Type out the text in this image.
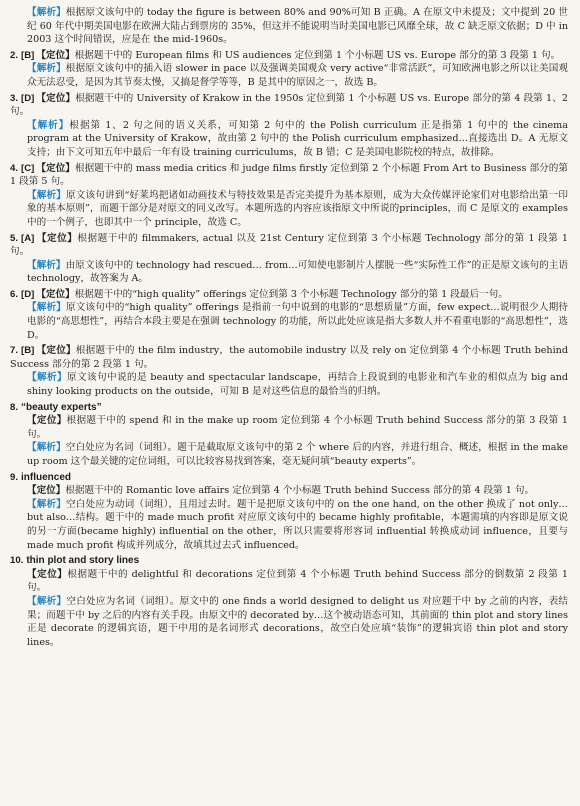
【解析】根据原文该句中的 today the figure is between 80% and 90%可知 B 正确。A 在原文中未提及；文中提到 20 世纪 60 年代中期美国电影在欧洲大陆占到票房的 35%，但这并不能说明当时美国电影已风靡全球，故 C 缺乏原文依据；D 中 in 2003 这个时间错误，应是在 the mid-1960s。

2. [B] 【定位】根据题干中的 European films 和 US audiences 定位到第 1 个小标题 US vs. Europe 部分的第 3 段第 1 句。

【解析】根据原文该句中的插入语 slower in pace 以及强调美国观众 very active“非常活跃”，可知欧洲电影之所以让美国观众无法忍受，是因为其节奏太慢，又搞是督学等等，B 是其中的原因之一，故选 B。

3. [D] 【定位】根据题干中的 University of Krakow in the 1950s 定位到第 1 个小标题 US vs. Europe 部分的第 4 段第 1、2 句。

【解析】根据第 1、2 句之间的语义关系，可知第 2 句中的 the Polish curriculum 正是指第 1 句中的 the cinema program at the University of Krakow，故由第 2 句中的 the Polish curriculum emphasized…直接选出 D。A 无原文支持；由下文可知五年中最后一年有设 training curriculums，故 B 错；C 是美国电影院校的特点，故排除。

4. [C] 【定位】根据题干中的 mass media critics 和 judge films firstly 定位到第 2 个小标题 From Art to Business 部分的第 1 段第 5 句。

【解析】原文该句讲到“好莱坞把诸如动画技术与特技效果是否完美提升为基本原则，成为大众传媒评论家们对电影给出第一印象的基本原则”，而题干部分是对原文的同义改写。本题所选的内容应该指原文中所说的principles，而 C 是原文的 examples 中的一个例子，也即其中一个 principle，故选 C。

5. [A] 【定位】根据题干中的 filmmakers, actual 以及 21st Century 定位到第 3 个小标题 Technology 部分的第 1 段第 1 句。

【解析】由原文该句中的 technology had rescued… from…可知使电影制片人摆脱一些“实际性工作”的正是原文该句的主语 technology，故答案为 A。

6. [D] 【定位】根据题干中的“high quality” offerings 定位到第 3 个小标题 Technology 部分的第 1 段最后一句。

【解析】原文该句中的“high quality” offerings 是指前一句中说到的电影的“思想质量”方面，few expect…说明很少人期待电影的“高思想性”，再结合本段主要是在强调 technology 的功能，所以此处应该是指大多数人并不看重电影的“高思想性”，选 D。

7. [B] 【定位】根据题干中的 the film industry，the automobile industry 以及 rely on 定位到第 4 个小标题 Truth behind Success 部分的第 2 段第 1 句。

【解析】原文该句中说的是 beauty and spectacular landscape，再结合上段说到的电影业和汽车业的相似点为 big and shiny looking products on the outside，可知 B 是对这些信息的最恰当的归纳。

8. “beauty experts”

【定位】根据题干中的 spend 和 in the make up room 定位到第 4 个小标题 Truth behind Success 部分的第 3 段第 1 句。

【解析】空白处应为名词（词组）。题干是截取原文该句中的第 2 个 where 后的内容，并进行组合、概述，根据 in the make up room 这个最关键的定位词组，可以比较容易找到答案，毫无疑问填“beauty experts”。

9. influenced

【定位】根据题干中的 Romantic love affairs 定位到第 4 个小标题 Truth behind Success 部分的第 4 段第 1 句。

【解析】空白处应为动词（词组），且用过去时。题干是把原文该句中的 on the one hand, on the other 换成了 not only… but also…结构。题干中的 made much profit 对应原文该句中的 became highly profitable，本题需填的内容即是原文说的另一方面(became highly) influential on the other，所以只需要将形容词 influential 转换成动词 influence，且要与 made much profit 构成并列成分，故填其过去式 influenced。

10. thin plot and story lines

【定位】根据题干中的 delightful 和 decorations 定位到第 4 个小标题 Truth behind Success 部分的倒数第 2 段第 1 句。

【解析】空白处应为名词（词组）。原文中的 one finds a world designed to delight us 对应题干中 by 之前的内容，表结果；而题干中 by 之后的内容有关手段。由原文中的 decorated by…这个被动语态可知，其前面的 thin plot and story lines 正是 decorate 的逻辑宾语，题干中用的是名词形式 decorations，故空白处应填“装饰”的逻辑宾语 thin plot and story lines。
